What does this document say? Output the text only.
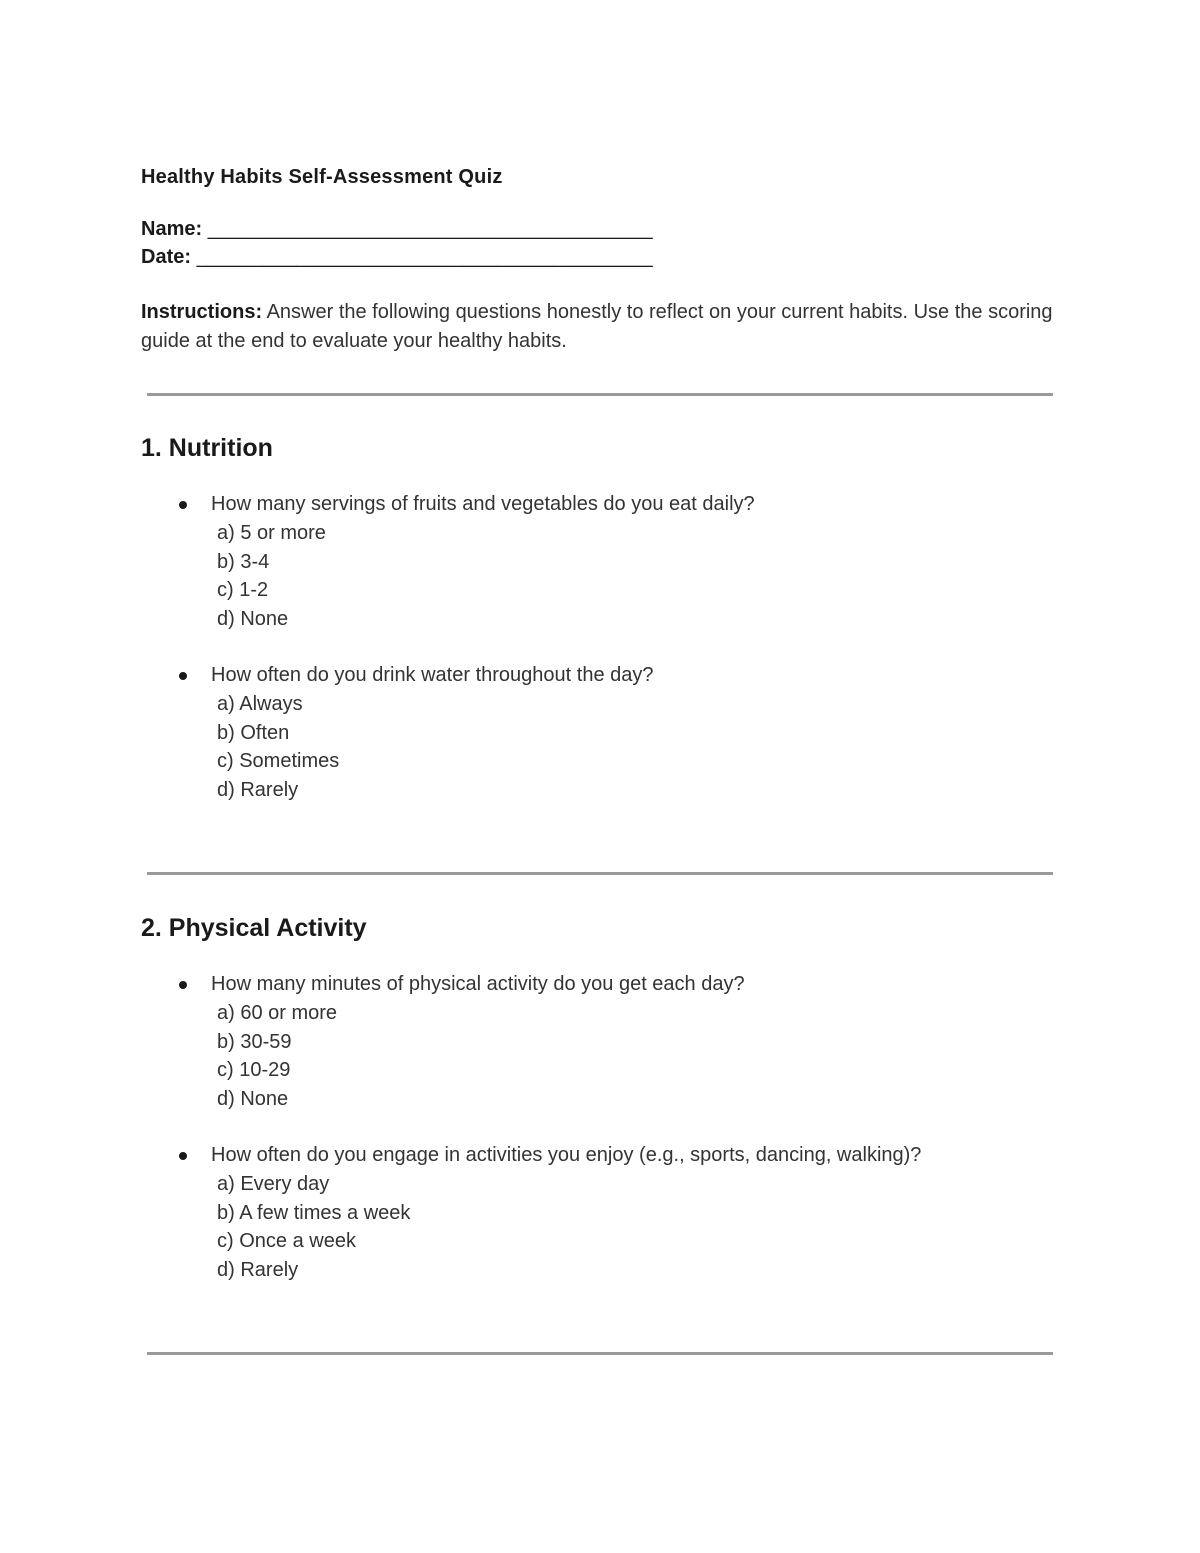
Healthy Habits Self-Assessment Quiz
Name: ________________________________________
Date: _________________________________________

Instructions: Answer the following questions honestly to reflect on your current habits. Use the scoring guide at the end to evaluate your healthy habits.

1. Nutrition
How many servings of fruits and vegetables do you eat daily?
a) 5 or more
b) 3-4
c) 1-2
d) None
How often do you drink water throughout the day?
a) Always
b) Often
c) Sometimes
d) Rarely
2. Physical Activity
How many minutes of physical activity do you get each day?
a) 60 or more
b) 30-59
c) 10-29
d) None
How often do you engage in activities you enjoy (e.g., sports, dancing, walking)?
a) Every day
b) A few times a week
c) Once a week
d) Rarely
